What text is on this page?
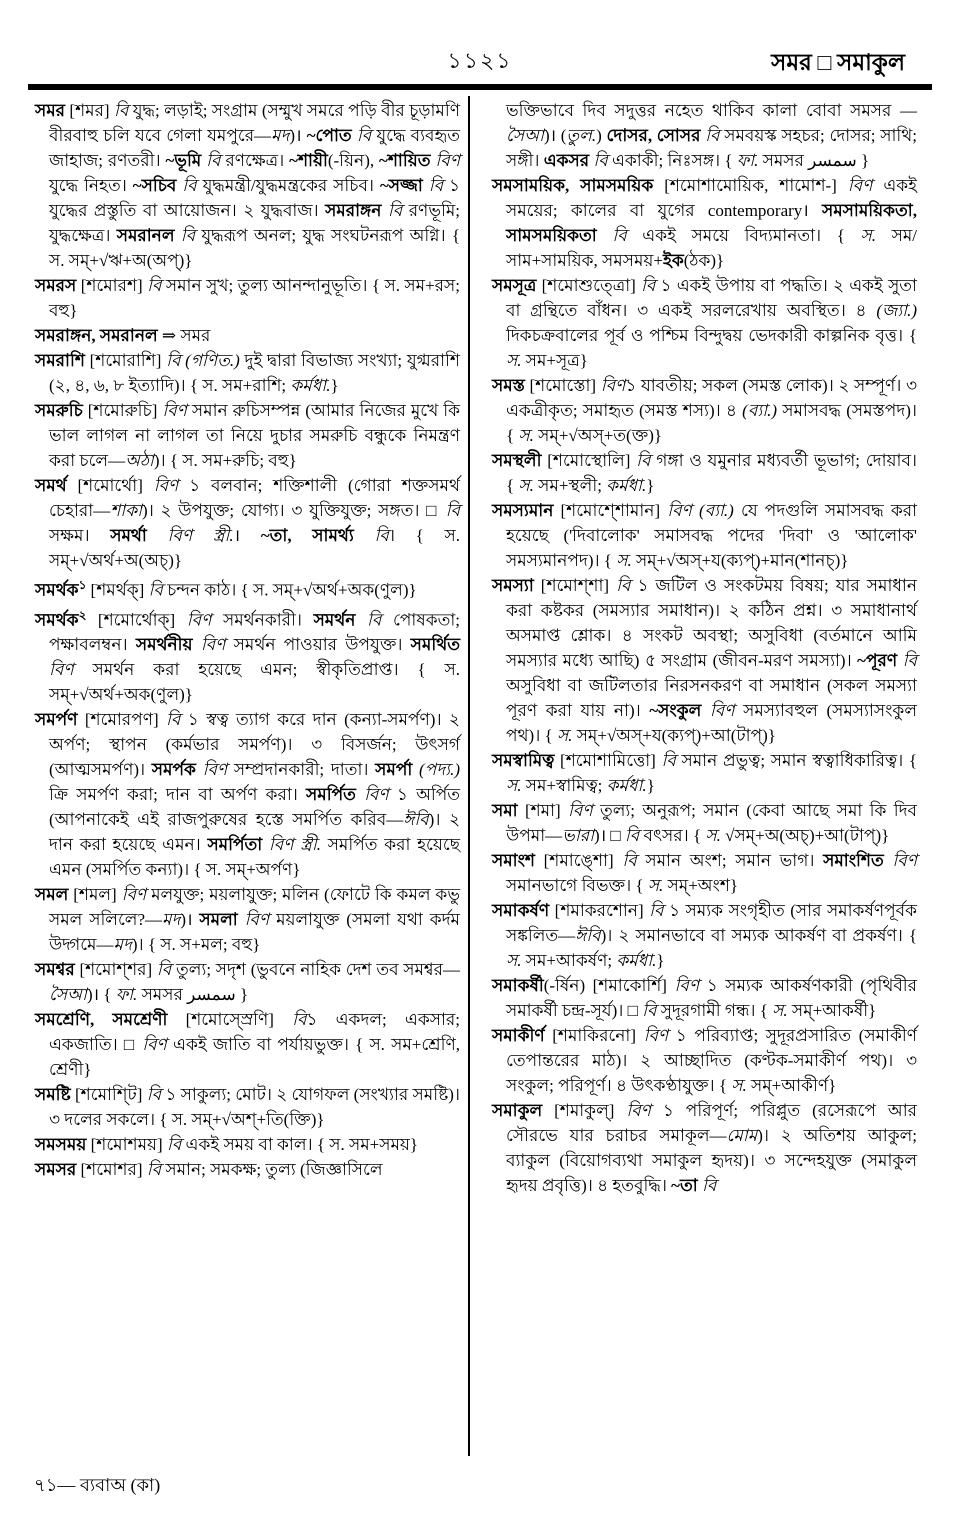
১১২১	সমর □ সমাকুল

সমর [শমর] বি যুদ্ধ; লড়াই; সংগ্রাম (সম্মুখ সমরে পড়ি বীর চূড়ামণি বীরবাহু চলি যবে গেলা যমপুরে—মদ)। ~পোত বি যুদ্ধে ব্যবহৃত জাহাজ; রণতরী। ~ভূমি বি রণক্ষেত্র। ~শায়ী(-য়িন), ~শায়িত বিণ যুদ্ধে নিহত। ~সচিব বি যুদ্ধমন্ত্রী/যুদ্ধমন্ত্রকের সচিব। ~সজ্জা বি ১ যুদ্ধের প্রস্তুতি বা আয়োজন। ২ যুদ্ধবাজ। সমরাঙ্গন বি রণভূমি; যুদ্ধক্ষেত্র। সমরানল বি যুদ্ধরূপ অনল; যুদ্ধ সংঘটনরূপ অগ্নি। { স. সম্+√ঋ+অ(অপ্)}

সমরস [শমোরশ] বি সমান সুখ; তুল্য আনন্দানুভূতি। { স. সম+রস; বহু}

সমরাঙ্গন, সমরানল ⇒ সমর

সমরাশি [শমোরাশি] বি (গণিত.) দুই দ্বারা বিভাজ্য সংখ্যা; যুগ্মরাশি (২, ৪, ৬, ৮ ইত্যাদি)। { স. সম+রাশি; কর্মধা.}

সমরুচি [শমোরুচি] বিণ সমান রুচিসম্পন্ন (আমার নিজের মুখে কি ভাল লাগল না লাগল তা নিয়ে দুচার সমরুচি বন্ধুকে নিমন্ত্রণ করা চলে—অঠা)। { স. সম+রুচি; বহু}

সমর্থ [শমোর্থো] বিণ ১ বলবান; শক্তিশালী (গোরা শক্তসমর্থ চেহারা—শাকা)। ২ উপযুক্ত; যোগ্য। ৩ যুক্তিযুক্ত; সঙ্গত। □ বি সক্ষম। সমর্থা বিণ স্ত্রী.। ~তা, সামর্থ্য বি। { স. সম্+√অর্থ+অ(অচ্)}

সমর্থক$^১$ [শমর্থক্] বি চন্দন কাঠ। { স. সম্+√অর্থ+অক(ণুল)}

সমর্থক$^২$ [শমোর্থোক্] বিণ সমর্থনকারী। সমর্থন বি পোষকতা; পক্ষাবলম্বন। সমর্থনীয় বিণ সমর্থন পাওয়ার উপযুক্ত। সমর্থিত বিণ সমর্থন করা হয়েছে এমন; স্বীকৃতিপ্রাপ্ত। { স. সম্+√অর্থ+অক(ণুল)}

সমর্পণ [শমোরপণ] বি ১ স্বত্ব ত্যাগ করে দান (কন্যা-সমর্পণ)। ২ অর্পণ; স্থাপন (কর্মভার সমর্পণ)। ৩ বিসর্জন; উৎসর্গ (আত্মসমর্পণ)। সমর্পক বিণ সম্প্রদানকারী; দাতা। সমর্পা (পদ্য.) ক্রি সমর্পণ করা; দান বা অর্পণ করা। সমর্পিত বিণ ১ অর্পিত (আপনাকেই এই রাজপুরুষের হস্তে সমর্পিত করিব—ঈবি)। ২ দান করা হয়েছে এমন। সমর্পিতা বিণ স্ত্রী. সমর্পিত করা হয়েছে এমন (সমর্পিত কন্যা)। { স. সম্+অর্পণ}

সমল [শমল] বিণ মলযুক্ত; ময়লাযুক্ত; মলিন (ফোটে কি কমল কভু সমল সলিলে?—মদ)। সমলা বিণ ময়লাযুক্ত (সমলা যথা কর্দম উদ্গমে—মদ)। { স. স+মল; বহু}

সমশ্বর [শমোশ্শর] বি তুল্য; সদৃশ (ভুবনে নাহিক দেশ তব সমশ্বর—সৈআ)। { ফা. সমসর سمسر }

সমশ্রেণি, সমশ্রেণী [শমোস্স্রেণি] বি১ একদল; একসার; একজাতি। □ বিণ একই জাতি বা পর্যায়ভুক্ত। { স. সম+শ্রেণি, শ্রেণী}

সমষ্টি [শমোশ্টি] বি ১ সাকুল্য; মোট। ২ যোগফল (সংখ্যার সমষ্টি)। ৩ দলের সকলে। { স. সম্+√অশ্+তি(ক্তি)}

সমসময় [শমোশময়] বি একই সময় বা কাল। { স. সম+সময়}

সমসর [শমোশর] বি সমান; সমকক্ষ; তুল্য (জিজ্ঞাসিলে

ভক্তিভাবে দিব সদুত্তর নহেত থাকিব কালা বোবা সমসর —সৈআ)। (তুল.) দোসর, সোসর বি সমবয়স্ক সহচর; দোসর; সাথি; সঙ্গী। একসর বি একাকী; নিঃসঙ্গ। { ফা. সমসর سمسر }

সমসাময়িক, সামসময়িক [শমোশামোয়িক, শামোশ-] বিণ একই সময়ের; কালের বা যুগের contemporary। সমসাময়িকতা, সামসময়িকতা বি একই সময়ে বিদ্যমানতা। { স. সম/সাম+সাময়িক, সমসময়+ইক(ঠক)}

সমসূত্র [শমোশুত্ত্রো] বি ১ একই উপায় বা পদ্ধতি। ২ একই সুতা বা গ্রন্থিতে বাঁধন। ৩ একই সরলরেখায় অবস্থিত। ৪ (জ্যা.) দিকচক্রবালের পূর্ব ও পশ্চিম বিন্দুদ্বয় ভেদকারী কাল্পনিক বৃত্ত। { স. সম+সূত্র}

সমস্ত [শমোস্তো] বিণ১ যাবতীয়; সকল (সমস্ত লোক)। ২ সম্পূর্ণ। ৩ একত্রীকৃত; সমাহৃত (সমস্ত শস্য)। ৪ (ব্যা.) সমাসবদ্ধ (সমস্তপদ)। { স. সম্+√অস্+ত(ক্ত)}

সমস্থলী [শমোস্থোলি] বি গঙ্গা ও যমুনার মধ্যবর্তী ভূভাগ; দোয়াব। { স. সম+স্থলী; কর্মধা.}

সমস্যমান [শমোশ্শোমান] বিণ (ব্যা.) যে পদগুলি সমাসবদ্ধ করা হয়েছে ('দিবালোক' সমাসবদ্ধ পদের 'দিবা' ও 'আলোক' সমস্যমানপদ)। { স. সম্+√অস্+য(ক্যপ্)+মান(শানচ্)}

সমস্যা [শমোশ্শা] বি ১ জটিল ও সংকটময় বিষয়; যার সমাধান করা কষ্টকর (সমস্যার সমাধান)। ২ কঠিন প্রশ্ন। ৩ সমাধানার্থ অসমাপ্ত শ্লোক। ৪ সংকট অবস্থা; অসুবিধা (বর্তমানে আমি সমস্যার মধ্যে আছি) ৫ সংগ্রাম (জীবন-মরণ সমস্যা)। ~পূরণ বি অসুবিধা বা জটিলতার নিরসনকরণ বা সমাধান (সকল সমস্যা পূরণ করা যায় না)। ~সংকুল বিণ সমস্যাবহুল (সমস্যাসংকুল পথ)। { স. সম্+√অস্+য(ক্যপ্)+আ(টাপ্)}

সমস্বামিত্ব [শমোশামিত্তো] বি সমান প্রভুত্ব; সমান স্বত্বাধিকারিত্ব। { স. সম+স্বামিত্ব; কর্মধা.}

সমা [শমা] বিণ তুল্য; অনুরূপ; সমান (কেবা আছে সমা কি দিব উপমা—ভারা)। □ বি বৎসর। { স. √সম্+অ(অচ্)+আ(টাপ্)}

সমাংশ [শমাঙ্শো] বি সমান অংশ; সমান ভাগ। সমাংশিত বিণ সমানভাগে বিভক্ত। { স. সম্+অংশ}

সমাকর্ষণ [শমাকরশোন] বি ১ সম্যক সংগৃহীত (সার সমাকর্ষণপূর্বক সঙ্কলিত—ঈবি)। ২ সমানভাবে বা সম্যক আকর্ষণ বা প্রকর্ষণ। { স. সম+আকর্ষণ; কর্মধা.}

সমাকর্ষী(-র্ষিন) [শমাকোর্শি] বিণ ১ সম্যক আকর্ষণকারী (পৃথিবীর সমাকর্ষী চন্দ্র-সূর্য)। □ বি সুদূরগামী গন্ধ। { স. সম্+আকর্ষী}

সমাকীর্ণ [শমাকিরনো] বিণ ১ পরিব্যাপ্ত; সুদূরপ্রসারিত (সমাকীর্ণ তেপান্তরের মাঠ)। ২ আচ্ছাদিত (কণ্টক-সমাকীর্ণ পথ)। ৩ সংকুল; পরিপূর্ণ। ৪ উৎকণ্ঠাযুক্ত। { স. সম্+আকীর্ণ}

সমাকুল [শমাকুল্] বিণ ১ পরিপূর্ণ; পরিপ্লুত (রসেরূপে আর সৌরভে যার চরাচর সমাকূল—মোম)। ২ অতিশয় আকুল; ব্যাকুল (বিয়োগব্যথা সমাকুল হৃদয়)। ৩ সন্দেহযুক্ত (সমাকুল হৃদয় প্রবৃত্তি)। ৪ হতবুদ্ধি। ~তা বি

৭১— ব্যবাঅ (কা)
